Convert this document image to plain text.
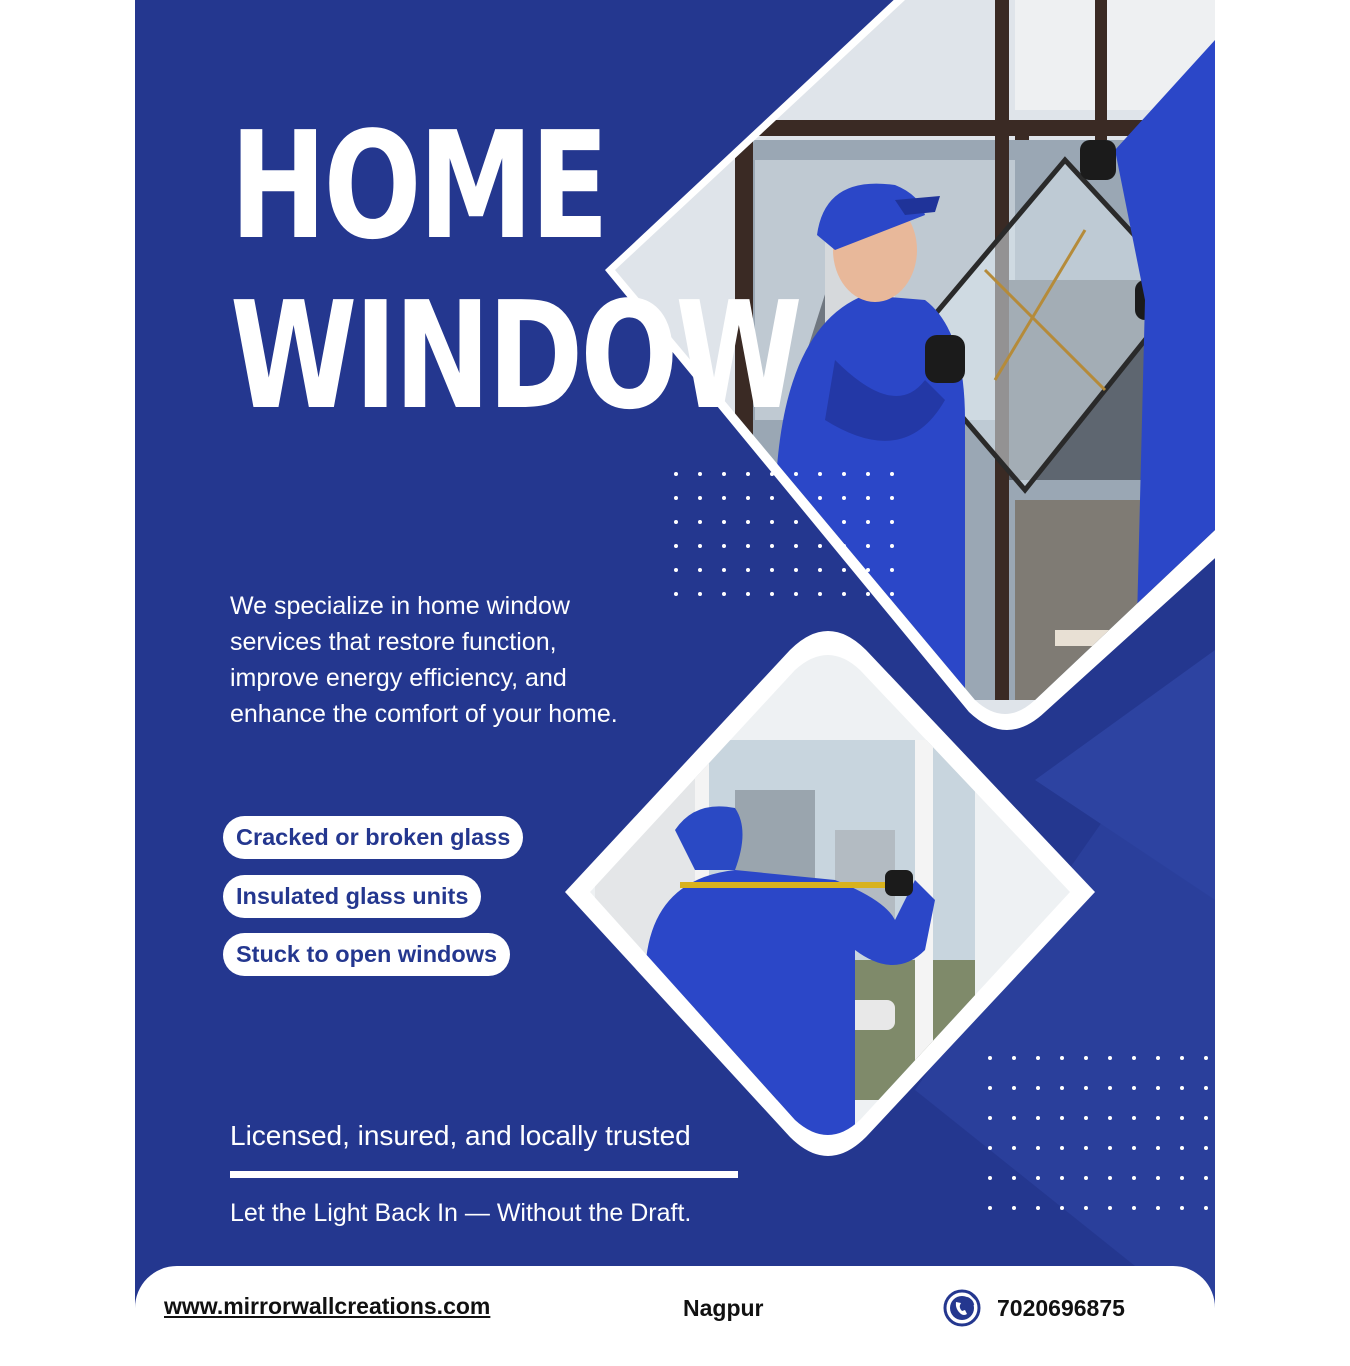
HOME
WINDOW
We specialize in home window services that restore function, improve energy efficiency, and enhance the comfort of your home.
Cracked or broken glass
Insulated glass units
Stuck to open windows
Licensed, insured, and locally trusted
Let the Light Back In — Without the Draft.
www.mirrorwallcreations.com	Nagpur	7020696875
